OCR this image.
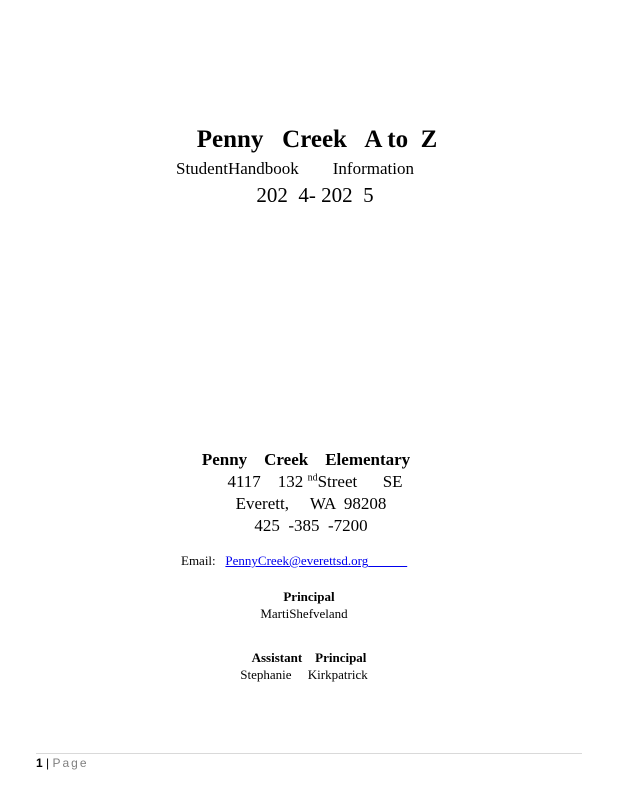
Penny   Creek   A to  Z
StudentHandbook        Information
202  4- 202  5
Penny    Creek    Elementary
4117    132 $^{nd}$Street      SE
Everett,     WA  98208
425  -385  -7200
Email: PennyCreek@everettsd.org
Principal
MartiShefveland
Assistant    Principal
Stephanie     Kirkpatrick
1 | Page
